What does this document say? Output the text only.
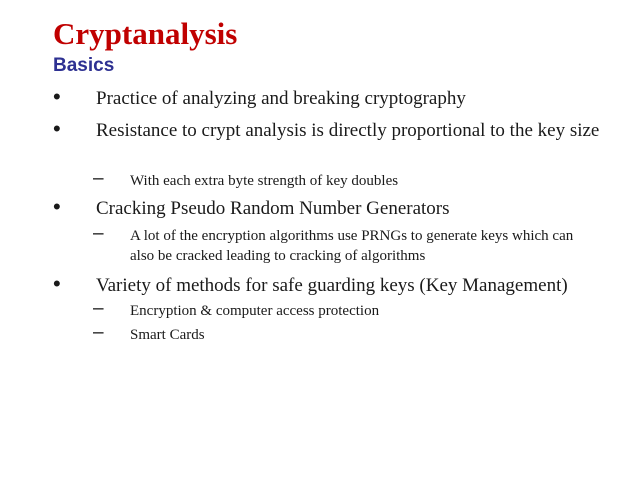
Cryptanalysis
Basics
• Practice of analyzing and breaking cryptography
• Resistance to crypt analysis is directly proportional to the key size
– With each extra byte strength of key doubles
• Cracking Pseudo Random Number Generators
– A lot of the encryption algorithms use PRNGs to generate keys which can also be cracked leading to cracking of algorithms
• Variety of methods for safe guarding keys (Key Management)
– Encryption & computer access protection
– Smart Cards
